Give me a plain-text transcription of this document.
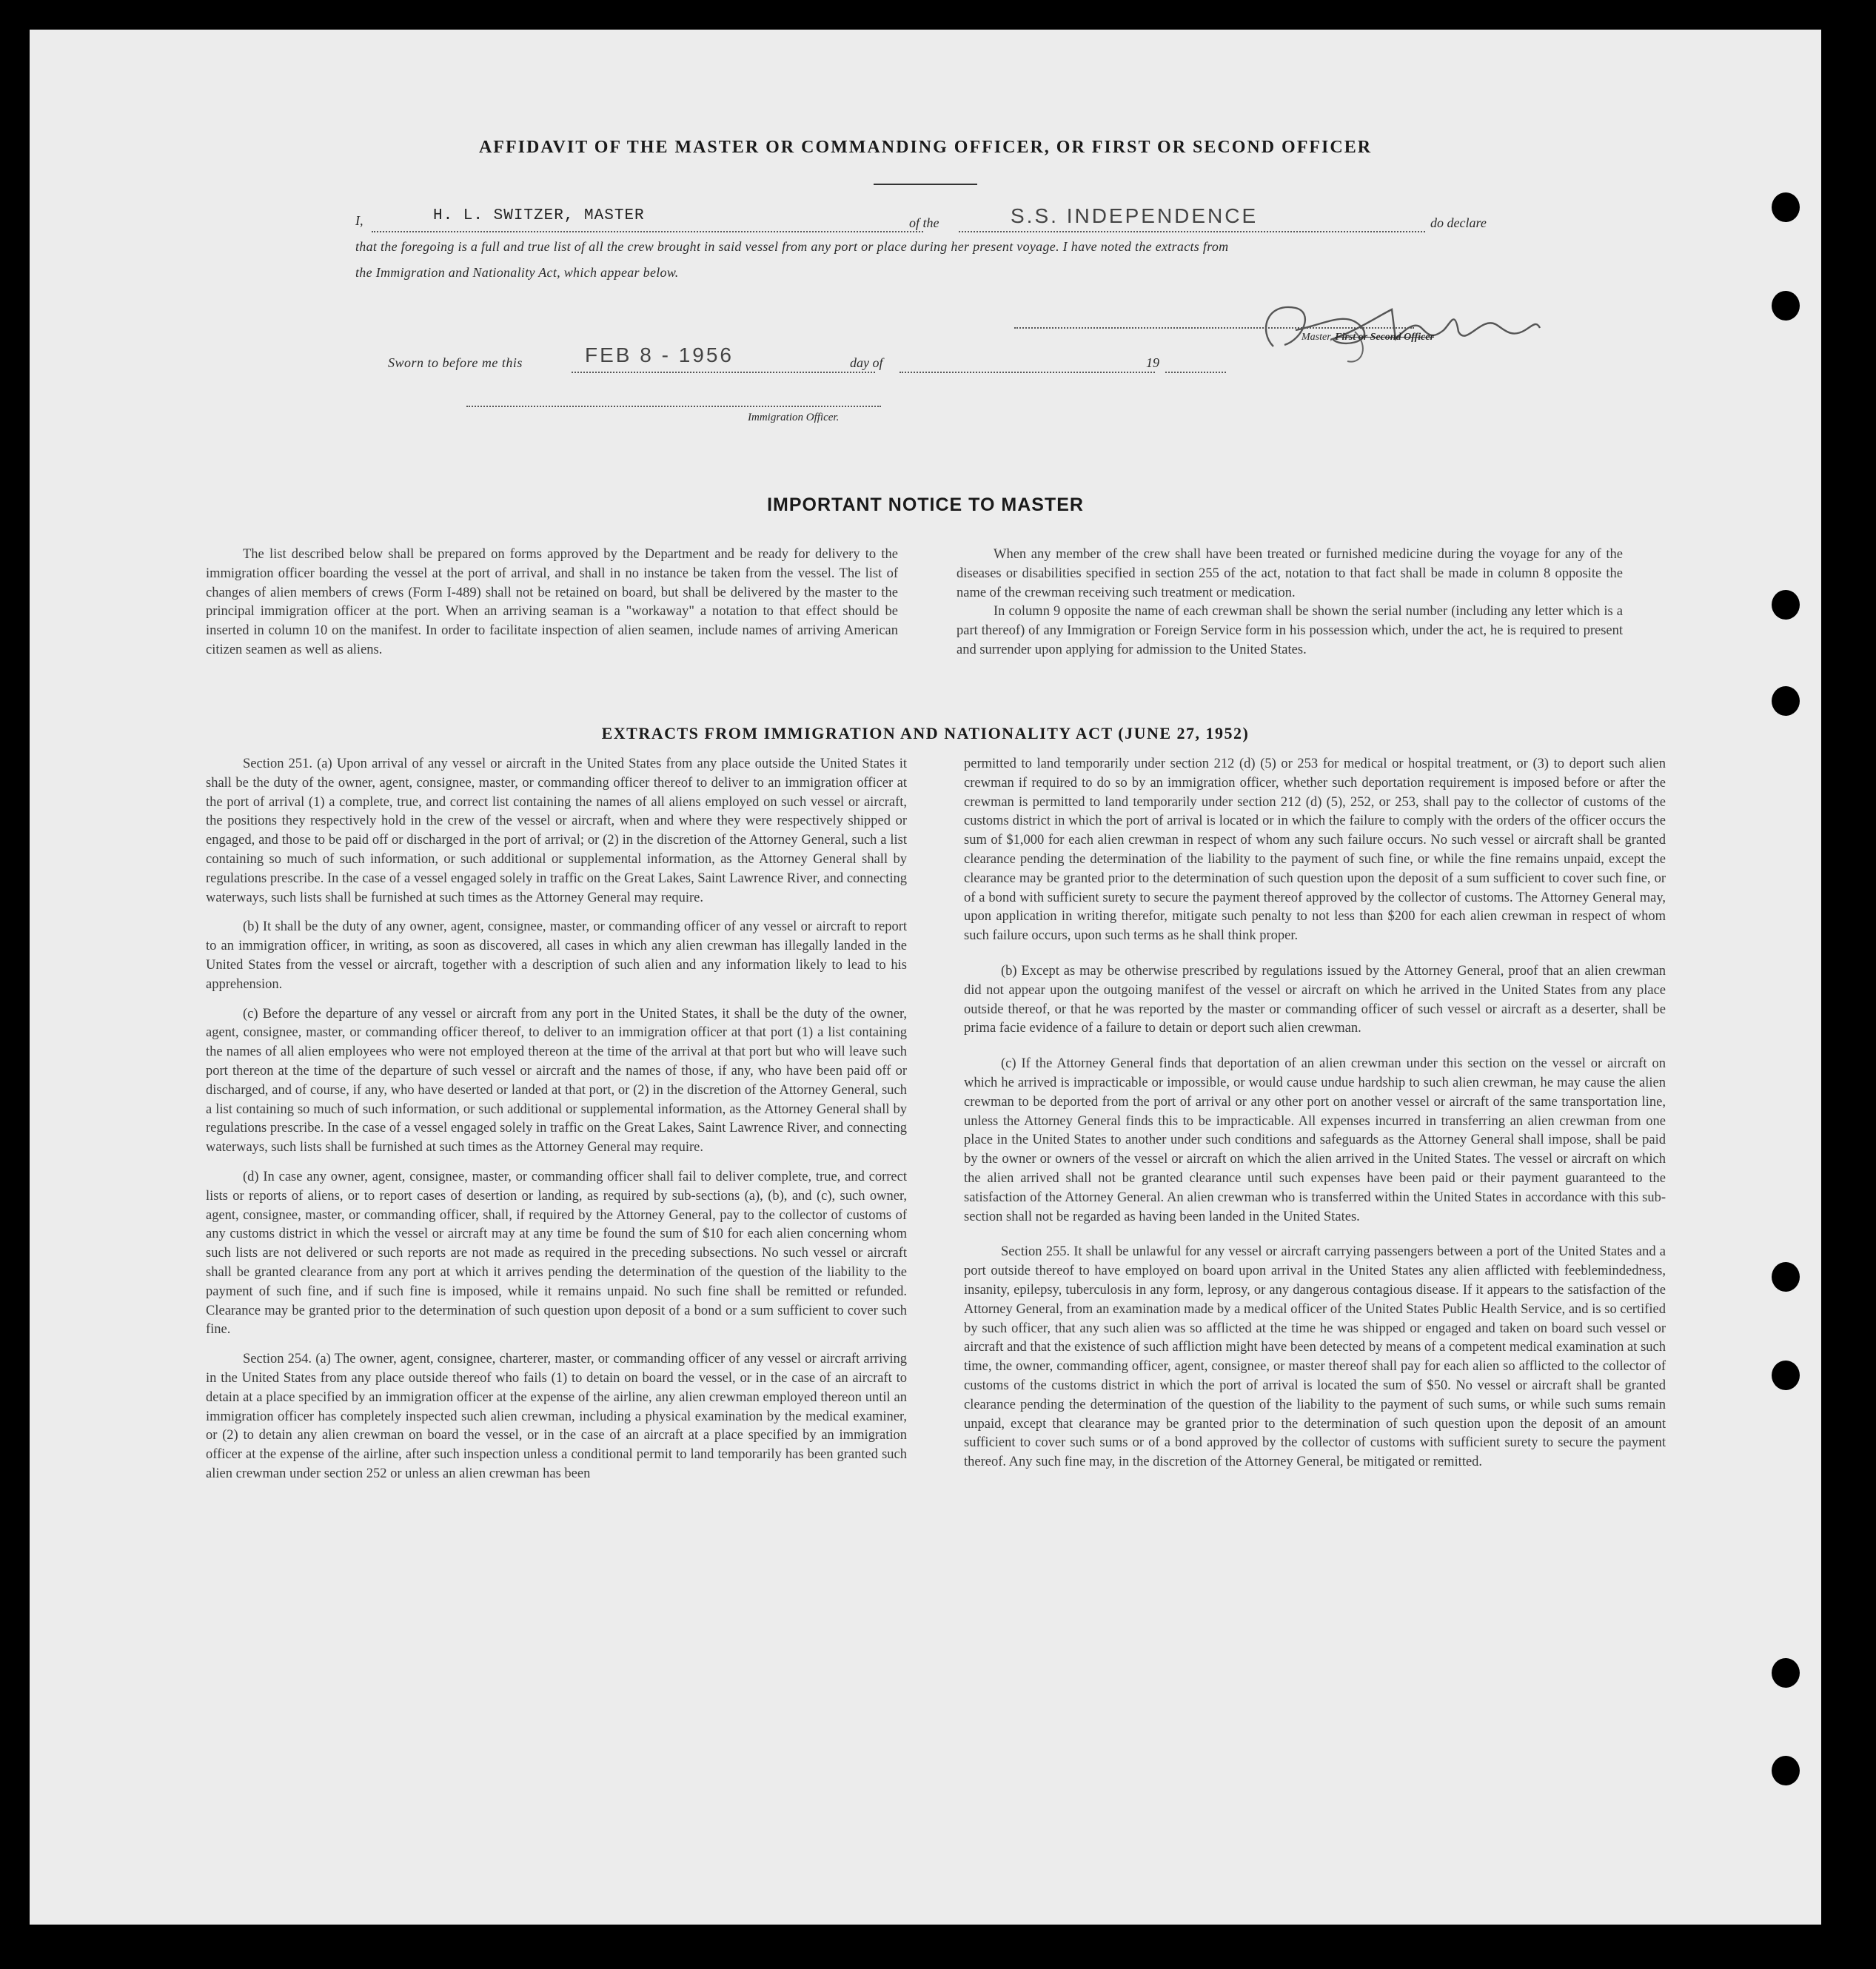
AFFIDAVIT OF THE MASTER OR COMMANDING OFFICER, OR FIRST OR SECOND OFFICER
I,	H. L. SWITZER, MASTER	of the	S.S. INDEPENDENCE	do declare
that the foregoing is a full and true list of all the crew brought in said vessel from any port or place during her present voyage. I have noted the extracts from
the Immigration and Nationality Act, which appear below.
Master, First or Second Officer
Sworn to before me this	FEB 8 - 1956	day of	19
Immigration Officer.
IMPORTANT NOTICE TO MASTER

The list described below shall be prepared on forms approved by the Department and be ready for delivery to the immigration officer boarding the vessel at the port of arrival, and shall in no instance be taken from the vessel. The list of changes of alien members of crews (Form I-489) shall not be retained on board, but shall be delivered by the master to the principal immigration officer at the port. When an arriving seaman is a "workaway" a notation to that effect should be inserted in column 10 on the manifest. In order to facilitate inspection of alien seamen, include names of arriving American citizen seamen as well as aliens.

When any member of the crew shall have been treated or furnished medicine during the voyage for any of the diseases or disabilities specified in section 255 of the act, notation to that fact shall be made in column 8 opposite the name of the crewman receiving such treatment or medication.

In column 9 opposite the name of each crewman shall be shown the serial number (including any letter which is a part thereof) of any Immigration or Foreign Service form in his possession which, under the act, he is required to present and surrender upon applying for admission to the United States.

EXTRACTS FROM IMMIGRATION AND NATIONALITY ACT (JUNE 27, 1952)

Section 251. (a) Upon arrival of any vessel or aircraft in the United States from any place outside the United States it shall be the duty of the owner, agent, consignee, master, or commanding officer thereof to deliver to an immigration officer at the port of arrival (1) a complete, true, and correct list containing the names of all aliens employed on such vessel or aircraft, the positions they respectively hold in the crew of the vessel or aircraft, when and where they were respectively shipped or engaged, and those to be paid off or discharged in the port of arrival; or (2) in the discretion of the Attorney General, such a list containing so much of such information, or such additional or supplemental information, as the Attorney General shall by regulations prescribe. In the case of a vessel engaged solely in traffic on the Great Lakes, Saint Lawrence River, and connecting waterways, such lists shall be furnished at such times as the Attorney General may require.

(b) It shall be the duty of any owner, agent, consignee, master, or commanding officer of any vessel or aircraft to report to an immigration officer, in writing, as soon as discovered, all cases in which any alien crewman has illegally landed in the United States from the vessel or aircraft, together with a description of such alien and any information likely to lead to his apprehension.

(c) Before the departure of any vessel or aircraft from any port in the United States, it shall be the duty of the owner, agent, consignee, master, or commanding officer thereof, to deliver to an immigration officer at that port (1) a list containing the names of all alien employees who were not employed thereon at the time of the arrival at that port but who will leave such port thereon at the time of the departure of such vessel or aircraft and the names of those, if any, who have been paid off or discharged, and of course, if any, who have deserted or landed at that port, or (2) in the discretion of the Attorney General, such a list containing so much of such information, or such additional or supplemental information, as the Attorney General shall by regulations prescribe. In the case of a vessel engaged solely in traffic on the Great Lakes, Saint Lawrence River, and connecting waterways, such lists shall be furnished at such times as the Attorney General may require.

(d) In case any owner, agent, consignee, master, or commanding officer shall fail to deliver complete, true, and correct lists or reports of aliens, or to report cases of desertion or landing, as required by sub-sections (a), (b), and (c), such owner, agent, consignee, master, or commanding officer, shall, if required by the Attorney General, pay to the collector of customs of any customs district in which the vessel or aircraft may at any time be found the sum of $10 for each alien concerning whom such lists are not delivered or such reports are not made as required in the preceding subsections. No such vessel or aircraft shall be granted clearance from any port at which it arrives pending the determination of the question of the liability to the payment of such fine, and if such fine is imposed, while it remains unpaid. No such fine shall be remitted or refunded. Clearance may be granted prior to the determination of such question upon deposit of a bond or a sum sufficient to cover such fine.

Section 254. (a) The owner, agent, consignee, charterer, master, or commanding officer of any vessel or aircraft arriving in the United States from any place outside thereof who fails (1) to detain on board the vessel, or in the case of an aircraft to detain at a place specified by an immigration officer at the expense of the airline, any alien crewman employed thereon until an immigration officer has completely inspected such alien crewman, including a physical examination by the medical examiner, or (2) to detain any alien crewman on board the vessel, or in the case of an aircraft at a place specified by an immigration officer at the expense of the airline, after such inspection unless a conditional permit to land temporarily has been granted such alien crewman under section 252 or unless an alien crewman has been

permitted to land temporarily under section 212 (d) (5) or 253 for medical or hospital treatment, or (3) to deport such alien crewman if required to do so by an immigration officer, whether such deportation requirement is imposed before or after the crewman is permitted to land temporarily under section 212 (d) (5), 252, or 253, shall pay to the collector of customs of the customs district in which the port of arrival is located or in which the failure to comply with the orders of the officer occurs the sum of $1,000 for each alien crewman in respect of whom any such failure occurs. No such vessel or aircraft shall be granted clearance pending the determination of the liability to the payment of such fine, or while the fine remains unpaid, except the clearance may be granted prior to the determination of such question upon the deposit of a sum sufficient to cover such fine, or of a bond with sufficient surety to secure the payment thereof approved by the collector of customs. The Attorney General may, upon application in writing therefor, mitigate such penalty to not less than $200 for each alien crewman in respect of whom such failure occurs, upon such terms as he shall think proper.

(b) Except as may be otherwise prescribed by regulations issued by the Attorney General, proof that an alien crewman did not appear upon the outgoing manifest of the vessel or aircraft on which he arrived in the United States from any place outside thereof, or that he was reported by the master or commanding officer of such vessel or aircraft as a deserter, shall be prima facie evidence of a failure to detain or deport such alien crewman.

(c) If the Attorney General finds that deportation of an alien crewman under this section on the vessel or aircraft on which he arrived is impracticable or impossible, or would cause undue hardship to such alien crewman, he may cause the alien crewman to be deported from the port of arrival or any other port on another vessel or aircraft of the same transportation line, unless the Attorney General finds this to be impracticable. All expenses incurred in transferring an alien crewman from one place in the United States to another under such conditions and safeguards as the Attorney General shall impose, shall be paid by the owner or owners of the vessel or aircraft on which the alien arrived in the United States. The vessel or aircraft on which the alien arrived shall not be granted clearance until such expenses have been paid or their payment guaranteed to the satisfaction of the Attorney General. An alien crewman who is transferred within the United States in accordance with this sub-section shall not be regarded as having been landed in the United States.

Section 255. It shall be unlawful for any vessel or aircraft carrying passengers between a port of the United States and a port outside thereof to have employed on board upon arrival in the United States any alien afflicted with feeblemindedness, insanity, epilepsy, tuberculosis in any form, leprosy, or any dangerous contagious disease. If it appears to the satisfaction of the Attorney General, from an examination made by a medical officer of the United States Public Health Service, and is so certified by such officer, that any such alien was so afflicted at the time he was shipped or engaged and taken on board such vessel or aircraft and that the existence of such affliction might have been detected by means of a competent medical examination at such time, the owner, commanding officer, agent, consignee, or master thereof shall pay for each alien so afflicted to the collector of customs of the customs district in which the port of arrival is located the sum of $50. No vessel or aircraft shall be granted clearance pending the determination of the question of the liability to the payment of such sums, or while such sums remain unpaid, except that clearance may be granted prior to the determination of such question upon the deposit of an amount sufficient to cover such sums or of a bond approved by the collector of customs with sufficient surety to secure the payment thereof. Any such fine may, in the discretion of the Attorney General, be mitigated or remitted.
